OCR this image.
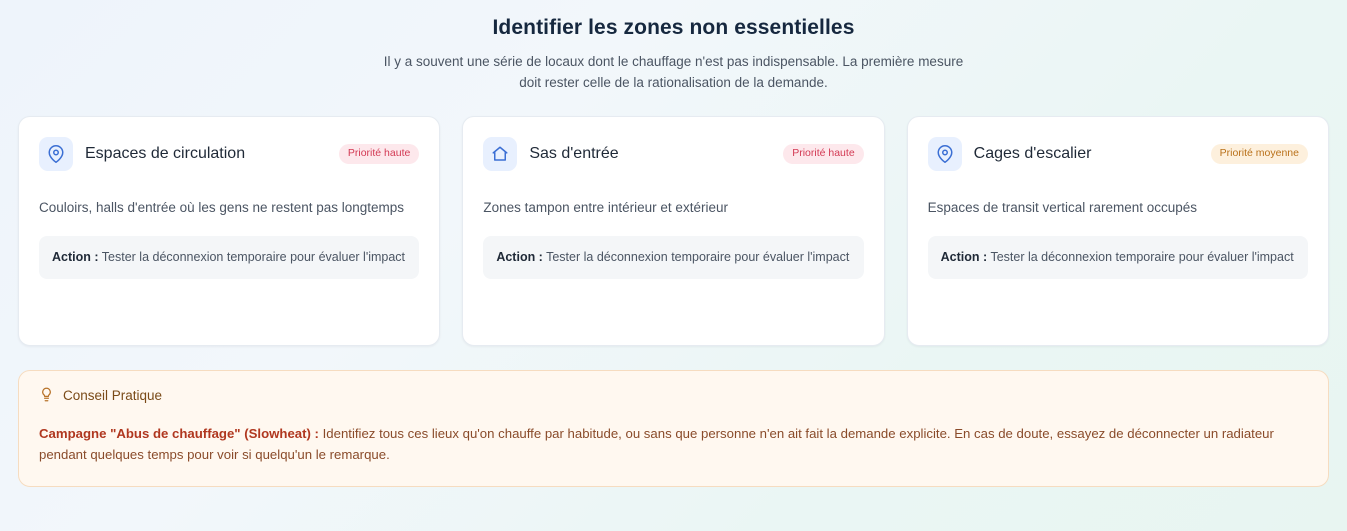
Identifier les zones non essentielles
Il y a souvent une série de locaux dont le chauffage n'est pas indispensable. La première mesure doit rester celle de la rationalisation de la demande.
Espaces de circulation	Priorité haute
Couloirs, halls d'entrée où les gens ne restent pas longtemps
Action : Tester la déconnexion temporaire pour évaluer l'impact
Sas d'entrée	Priorité haute
Zones tampon entre intérieur et extérieur
Action : Tester la déconnexion temporaire pour évaluer l'impact
Cages d'escalier	Priorité moyenne
Espaces de transit vertical rarement occupés
Action : Tester la déconnexion temporaire pour évaluer l'impact
Conseil Pratique
Campagne "Abus de chauffage" (Slowheat) : Identifiez tous ces lieux qu'on chauffe par habitude, ou sans que personne n'en ait fait la demande explicite. En cas de doute, essayez de déconnecter un radiateur pendant quelques temps pour voir si quelqu'un le remarque.
